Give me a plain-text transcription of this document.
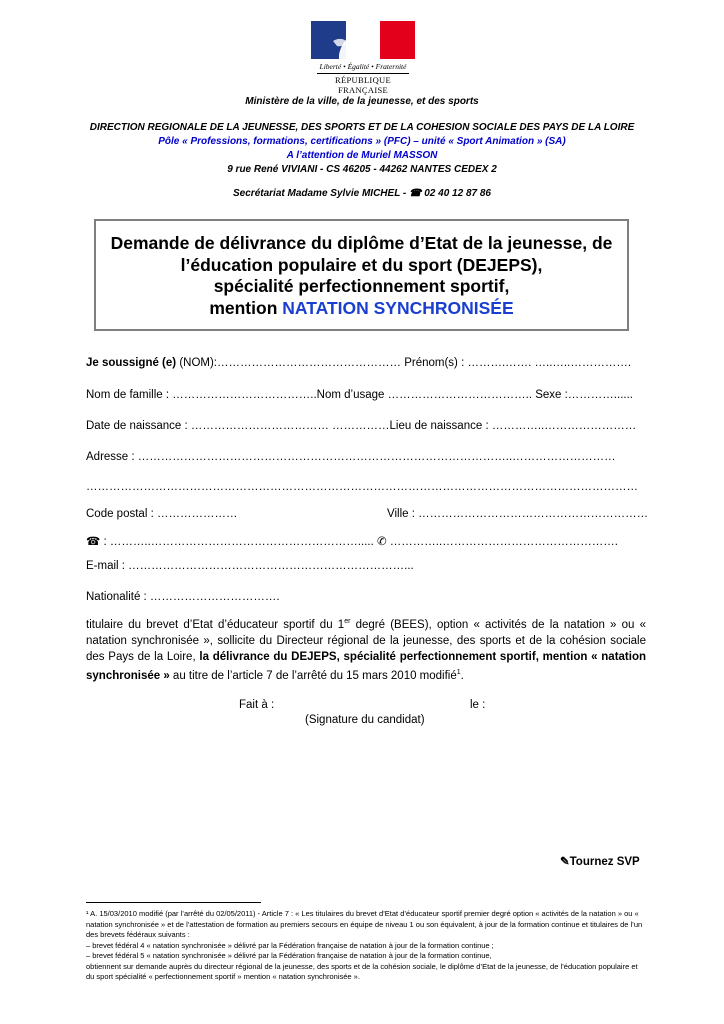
Liberté • Égalité • Fraternité
RÉPUBLIQUE FRANÇAISE
Ministère de la ville, de la jeunesse, et des sports
DIRECTION REGIONALE DE LA JEUNESSE, DES SPORTS ET DE LA COHESION SOCIALE DES PAYS DE LA LOIRE
Pôle « Professions, formations, certifications » (PFC) – unité « Sport Animation » (SA)
A l’attention de Muriel MASSON
9 rue René VIVIANI - CS 46205 - 44262 NANTES CEDEX 2
Secrétariat Madame Sylvie MICHEL - ☎ 02 40 12 87 86
Demande de délivrance du diplôme d’Etat de la jeunesse, de
l’éducation populaire et du sport (DEJEPS),
spécialité perfectionnement sportif,
mention NATATION SYNCHRONISÉE
Je soussigné (e) (NOM):………………………………………… Prénom(s) : ……….……. …..…..…………….
Nom de famille : ………………………………..Nom d’usage ……………………………….. Sexe :…………......
Date de naissance : ……………………………… ……………Lieu de naissance : …………..……………………
Adresse : ……………………………………………………………………………………..………………………
………………………………………………………………………………………………………………………………
Code postal : …………………	Ville : ……………………………………………………
☎ : ………..………………………………………………..... ✆ …………..……………………………………….
E-mail : ………………………………………………………………...
Nationalité : …………………………….
titulaire du brevet d’Etat d’éducateur sportif du 1er degré (BEES), option « activités de la natation » ou « natation synchronisée », sollicite du Directeur régional de la jeunesse, des sports et de la cohésion sociale des Pays de la Loire, la délivrance du DEJEPS, spécialité perfectionnement sportif, mention « natation synchronisée » au titre de l’article 7 de l’arrêté du 15 mars 2010 modifié$^1$.
Fait à :	le :
(Signature du candidat)
✎Tournez SVP
¹ A. 15/03/2010 modifié (par l’arrêté du 02/05/2011) - Article 7 : « Les titulaires du brevet d’Etat d’éducateur sportif premier degré option « activités de la natation » ou « natation synchronisée » et de l’attestation de formation au premiers secours en équipe de niveau 1 ou son équivalent, à jour de la formation continue et titulaires de l’un des brevets fédéraux suivants :
– brevet fédéral 4 « natation synchronisée » délivré par la Fédération française de natation à jour de la formation continue ;
– brevet fédéral 5 « natation synchronisée » délivré par la Fédération française de natation à jour de la formation continue,
obtiennent sur demande auprès du directeur régional de la jeunesse, des sports et de la cohésion sociale, le diplôme d’Etat de la jeunesse, de l’éducation populaire et du sport spécialité « perfectionnement sportif » mention « natation synchronisée ».
